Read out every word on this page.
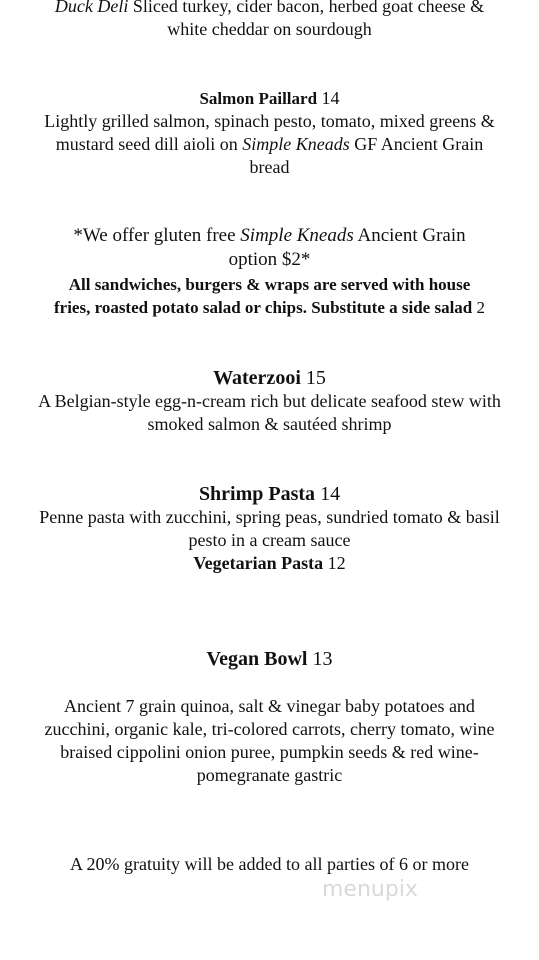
Duck Deli Sliced turkey, cider bacon, herbed goat cheese &
white cheddar on sourdough
Salmon Paillard 14
Lightly grilled salmon, spinach pesto, tomato, mixed greens &
mustard seed dill aioli on Simple Kneads GF Ancient Grain
bread
*We offer gluten free Simple Kneads Ancient Grain
option $2*
All sandwiches, burgers & wraps are served with house
fries, roasted potato salad or chips. Substitute a side salad 2
Waterzooi 15
A Belgian-style egg-n-cream rich but delicate seafood stew with
smoked salmon & sautéed shrimp
Shrimp Pasta 14
Penne pasta with zucchini, spring peas, sundried tomato & basil
pesto in a cream sauce
Vegetarian Pasta 12
Vegan Bowl 13
Ancient 7 grain quinoa, salt & vinegar baby potatoes and
zucchini, organic kale, tri-colored carrots, cherry tomato, wine
braised cippolini onion puree, pumpkin seeds & red wine-
pomegranate gastric
A 20% gratuity will be added to all parties of 6 or more
menupix
